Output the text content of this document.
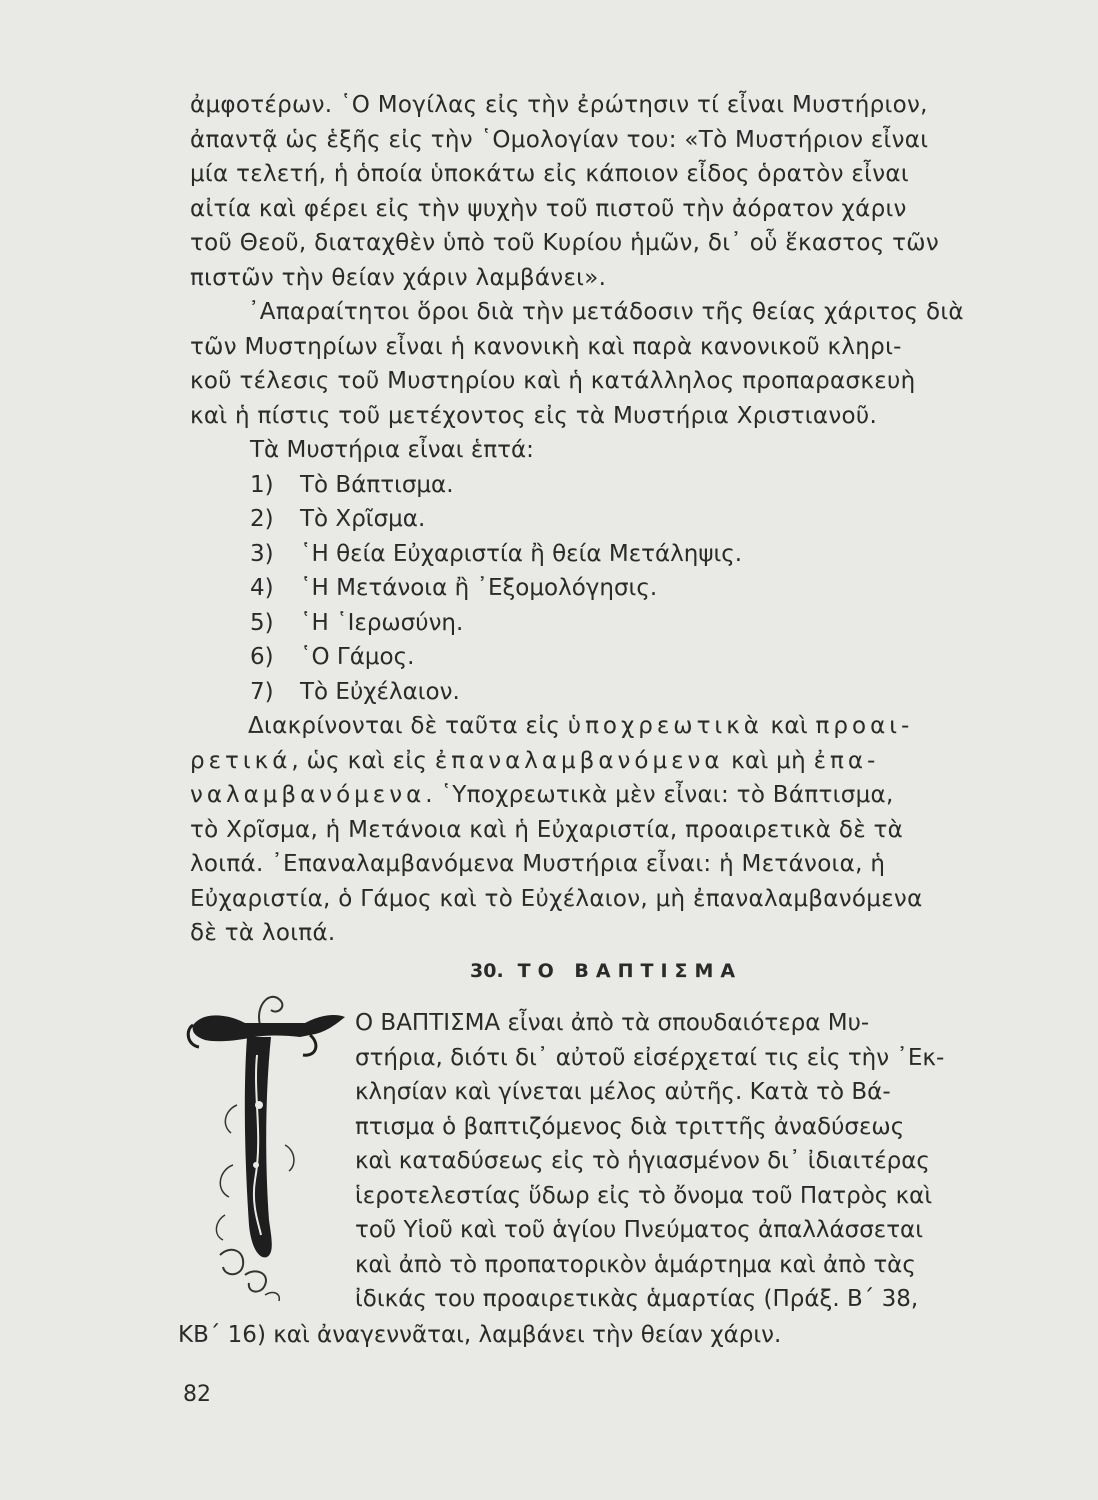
ἀμφοτέρων. ῾Ο Μογίλας εἰς τὴν ἐρώτησιν τί εἶναι Μυστήριον,
ἀπαντᾷ ὡς ἑξῆς εἰς τὴν ῾Ομολογίαν του: «Τὸ Μυστήριον εἶναι
μία τελετή, ἡ ὁποία ὑποκάτω εἰς κάποιον εἶδος ὁρατὸν εἶναι
αἰτία καὶ φέρει εἰς τὴν ψυχὴν τοῦ πιστοῦ τὴν ἀόρατον χάριν
τοῦ Θεοῦ, διαταχθὲν ὑπὸ τοῦ Κυρίου ἡμῶν, δι᾿ οὗ ἕκαστος τῶν
πιστῶν τὴν θείαν χάριν λαμβάνει».
᾿Απαραίτητοι ὅροι διὰ τὴν μετάδοσιν τῆς θείας χάριτος διὰ
τῶν Μυστηρίων εἶναι ἡ κανονικὴ καὶ παρὰ κανονικοῦ κληρι-
κοῦ τέλεσις τοῦ Μυστηρίου καὶ ἡ κατάλληλος προπαρασκευὴ
καὶ ἡ πίστις τοῦ μετέχοντος εἰς τὰ Μυστήρια Χριστιανοῦ.
Τὰ Μυστήρια εἶναι ἑπτά:
1) Τὸ Βάπτισμα.
2) Τὸ Χρῖσμα.
3) ῾Η θεία Εὐχαριστία ἢ θεία Μετάληψις.
4) ῾Η Μετάνοια ἢ ᾿Εξομολόγησις.
5) ῾Η ῾Ιερωσύνη.
6) ῾Ο Γάμος.
7) Τὸ Εὐχέλαιον.
Διακρίνονται δὲ ταῦτα εἰς ὑποχρεωτικὰ καὶ προαι-
ρετικά, ὡς καὶ εἰς ἐπαναλαμβανόμενα καὶ μὴ ἐπα-
ναλαμβανόμενα. ῾Υποχρεωτικὰ μὲν εἶναι: τὸ Βάπτισμα,
τὸ Χρῖσμα, ἡ Μετάνοια καὶ ἡ Εὐχαριστία, προαιρετικὰ δὲ τὰ
λοιπά. ᾿Επαναλαμβανόμενα Μυστήρια εἶναι: ἡ Μετάνοια, ἡ
Εὐχαριστία, ὁ Γάμος καὶ τὸ Εὐχέλαιον, μὴ ἐπαναλαμβανόμενα
δὲ τὰ λοιπά.
30. ΤΟ ΒΑΠΤΙΣΜΑ
Ο ΒΑΠΤΙΣΜΑ εἶναι ἀπὸ τὰ σπουδαιότερα Μυ-
στήρια, διότι δι᾿ αὐτοῦ εἰσέρχεταί τις εἰς τὴν ᾿Εκ-
κλησίαν καὶ γίνεται μέλος αὐτῆς. Κατὰ τὸ Βά-
πτισμα ὁ βαπτιζόμενος διὰ τριττῆς ἀναδύσεως
καὶ καταδύσεως εἰς τὸ ἡγιασμένον δι᾿ ἰδιαιτέρας
ἱεροτελεστίας ὕδωρ εἰς τὸ ὄνομα τοῦ Πατρὸς καὶ
τοῦ Υἱοῦ καὶ τοῦ ἁγίου Πνεύματος ἀπαλλάσσεται
καὶ ἀπὸ τὸ προπατορικὸν ἁμάρτημα καὶ ἀπὸ τὰς
ἰδικάς του προαιρετικὰς ἁμαρτίας (Πράξ. Β΄ 38,
ΚΒ΄ 16) καὶ ἀναγεννᾶται, λαμβάνει τὴν θείαν χάριν.
82
